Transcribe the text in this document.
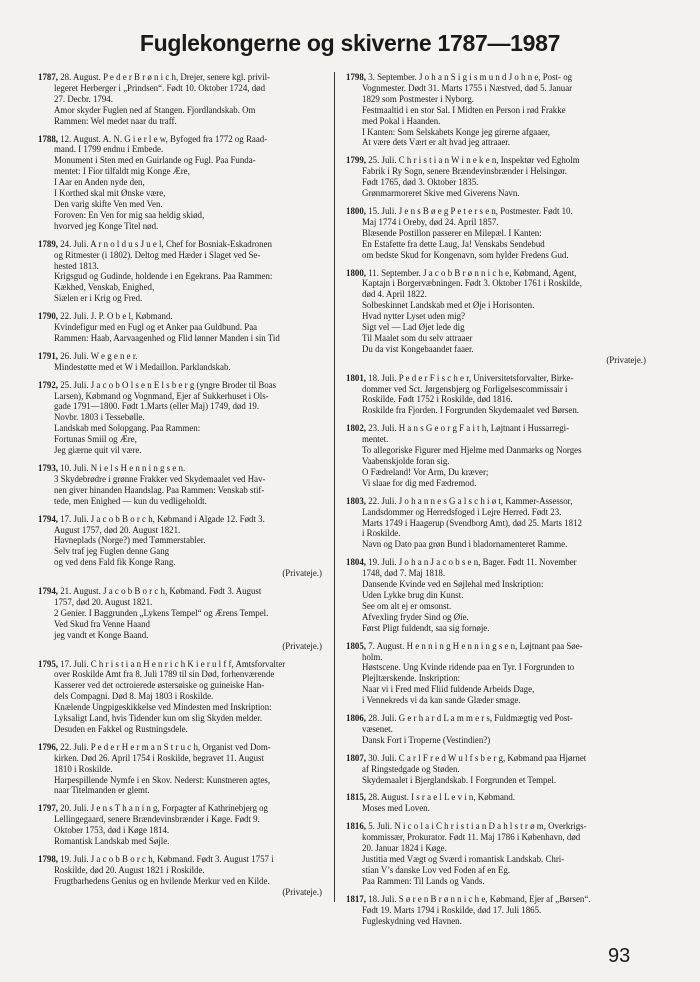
Fuglekongerne og skiverne 1787—1987
1787, 28. August. P e d e r B r ø n i c h, Drejer, senere kgl. privil-
legeret Herberger i „Prindsen“. Født 10. Oktober 1724, død
27. Decbr. 1794.
Amor skyder Fuglen ned af Stangen. Fjordlandskab. Om
Rammen: Wel medet naar du traff.
1788, 12. August. A. N. G i e r l e w, Byfoged fra 1772 og Raad-
mand. I 1799 endnu i Embede.
Monument i Sten med en Guirlande og Fugl. Paa Funda-
mentet: I Fior tilfaldt mig Konge Ære,
I Aar en Anden nyde den,
I Korthed skal mit Ønske være,
Den varig skifte Ven med Ven.
Foroven: En Ven for mig saa heldig skiød,
hvorved jeg Konge Titel nød.
1789, 24. Juli. A r n o l d u s J u e l, Chef for Bosniak-Eskadronen
og Ritmester (i 1802). Deltog med Hæder i Slaget ved Se-
hested 1813.
Krigsgud og Gudinde, holdende i en Egekrans. Paa Rammen:
Kækhed, Venskab, Enighed,
Siælen er i Krig og Fred.
1790, 22. Juli. J. P. O b e l, Købmand.
Kvindefigur med en Fugl og et Anker paa Guldbund. Paa
Rammen: Haab, Aarvaagenhed og Flid lønner Manden i sin Tid
1791, 26. Juli. W e g e n e r.
Mindestøtte med et W i Medaillon. Parklandskab.
1792, 25. Juli. J a c o b O l s e n E l s b e r g (yngre Broder til Boas
Larsen), Købmand og Vognmand, Ejer af Sukkerhuset i Ols-
gade 1791—1800. Født 1.Marts (eller Maj) 1749, død 19.
Novbr. 1803 i Tessebølle.
Landskab med Solopgang. Paa Rammen:
Fortunas Smiil og Ære,
Jeg giærne quit vil være.
1793, 10. Juli. N i e l s H e n n i n g s e n.
3 Skydebrødre i grønne Frakker ved Skydemaalet ved Hav-
nen giver hinanden Haandslag. Paa Rammen: Venskab stif-
tede, men Enighed — kun du vedligeholdt.
1794, 17. Juli. J a c o b B o r c h, Købmand i Algade 12. Født 3.
August 1757, død 20. August 1821.
Havneplads (Norge?) med Tømmerstabler.
Selv traf jeg Fuglen denne Gang
og ved dens Fald fik Konge Rang.
(Privateje.)
1794, 21. August. J a c o b B o r c h, Købmand. Født 3. August
1757, død 20. August 1821.
2 Genier. I Baggrunden „Lykens Tempel“ og Ærens Tempel.
Ved Skud fra Venne Haand
jeg vandt et Konge Baand.
(Privateje.)
1795, 17. Juli. C h r i s t i a n H e n r i c h K i e r u l f f, Amtsforvalter
over Roskilde Amt fra 8. Juli 1789 til sin Død, forhenværende
Kasserer ved det octroierede østersøiske og guineiske Han-
dels Compagni. Død 8. Maj 1803 i Roskilde.
Knælende Ungpigeskikkelse ved Mindesten med Inskription:
Lyksaligt Land, hvis Tidender kun om slig Skyden melder.
Desuden en Fakkel og Rustningsdele.
1796, 22. Juli. P e d e r H e r m a n S t r u c h, Organist ved Dom-
kirken. Død 26. April 1754 i Roskilde, begravet 11. August
1810 i Roskilde.
Harpespillende Nymfe i en Skov. Nederst: Kunstneren agtes,
naar Titelmanden er glemt.
1797, 20. Juli. J e n s T h a n i n g, Forpagter af Kathrinebjerg og
Lellingegaard, senere Brændevinsbrænder i Køge. Født 9.
Oktober 1753, død i Køge 1814.
Romantisk Landskab med Søjle.
1798, 19. Juli. J a c o b B o r c h, Købmand. Født 3. August 1757 i
Roskilde, død 20. August 1821 i Roskilde.
Frugtbarhedens Genius og en hvilende Merkur ved en Kilde.
(Privateje.)
1798, 3. September. J o h a n S i g i s m u n d J o h n e, Post- og
Vognmester. Dødt 31. Marts 1755 i Næstved, død 5. Januar
1829 som Postmester i Nyborg.
Festmaaltid i en stor Sal. I Midten en Person i rød Frakke
med Pokal i Haanden.
I Kanten: Som Selskabets Konge jeg girerne afgaaer,
At være dets Vært er alt hvad jeg attraaer.
1799, 25. Juli. C h r i s t i a n W i n e k e n, Inspektør ved Egholm
Fabrik i Ry Sogn, senere Brændevinsbrænder i Helsingør.
Født 1765, død 3. Oktober 1835.
Grønmarmoreret Skive med Giverens Navn.
1800, 15. Juli. J e n s B ø e g P e t e r s e n, Postmester. Født 10.
Maj 1774 i Oreby, død 24. April 1857.
Blæsende Postillon passerer en Milepæl. I Kanten:
En Estafette fra dette Laug, Ja! Venskabs Sendebud
om bedste Skud for Kongenavn, som hylder Fredens Gud.
1800, 11. September. J a c o b B r ø n n i c h e, Købmand, Agent,
Kaptajn i Borgervæbningen. Født 3. Oktober 1761 i Roskilde,
død 4. April 1822.
Solbeskinnet Landskab med et Øje i Horisonten.
Hvad nytter Lyset uden mig?
Sigt vel — Lad Øjet lede dig
Til Maalet som du selv attraaer
Du da vist Kongebaandet faaer.
(Privateje.)
1801, 18. Juli. P e d e r F i s c h e r, Universitetsforvalter, Birke-
dommer ved Sct. Jørgensbjerg og Forligelsescommissair i
Roskilde. Født 1752 i Roskilde, død 1816.
Roskilde fra Fjorden. I Forgrunden Skydemaalet ved Børsen.
1802, 23. Juli. H a n s G e o r g F a i t h, Løjtnant i Hussarregi-
mentet.
To allegoriske Figurer med Hjelme med Danmarks og Norges
Vaabenskjolde foran sig.
O Fædreland! Vor Arm, Du kræver;
Vi slaae for dig med Fædremod.
1803, 22. Juli. J o h a n n e s G a l s c h i ø t, Kammer-Assessor,
Landsdommer og Herredsfoged i Lejre Herred. Født 23.
Marts 1749 i Haagerup (Svendborg Amt), død 25. Marts 1812
i Roskilde.
Navn og Dato paa grøn Bund i bladornamenteret Ramme.
1804, 19. Juli. J o h a n J a c o b s e n, Bager. Født 11. November
1748, død 7. Maj 1818.
Dansende Kvinde ved en Søjlehal med Inskription:
Uden Lykke brug din Kunst.
See om alt ej er omsonst.
Afvexling fryder Sind og Øie.
Først Pligt fuldendt, saa sig fornøje.
1805, 7. August. H e n n i n g H e n n i n g s e n, Løjtnant paa Søe-
holm.
Høstscene. Ung Kvinde ridende paa en Tyr. I Forgrunden to
Plejltærskende. Inskription:
Naar vi i Fred med Fliid fuldende Arbeids Dage,
i Vennekreds vi da kan sande Glæder smage.
1806, 28. Juli. G e r h a r d L a m m e r s, Fuldmægtig ved Post-
væsenet.
Dansk Fort i Troperne (Vestindien?)
1807, 30. Juli. C a r l F r e d W u l f s b e r g, Købmand paa Hjørnet
af Ringstedgade og Støden.
Skydemaalet i Bjerglandskab. I Forgrunden et Tempel.
1815, 28. August. I s r a e l L e v i n, Købmand.
Moses med Loven.
1816, 5. Juli. N i c o l a i C h r i s t i a n D a h l s t r ø m, Overkrigs-
kommissær, Prokurator. Født 11. Maj 1786 i København, død
20. Januar 1824 i Køge.
Justitia med Vægt og Sværd i romantisk Landskab. Chri-
stian V’s danske Lov ved Foden af en Eg.
Paa Rammen: Til Lands og Vands.
1817, 18. Juli. S ø r e n B r ø n n i c h e, Købmand, Ejer af „Børsen“.
Født 19. Marts 1794 i Roskilde, død 17. Juli 1865.
Fugleskydning ved Havnen.
93
